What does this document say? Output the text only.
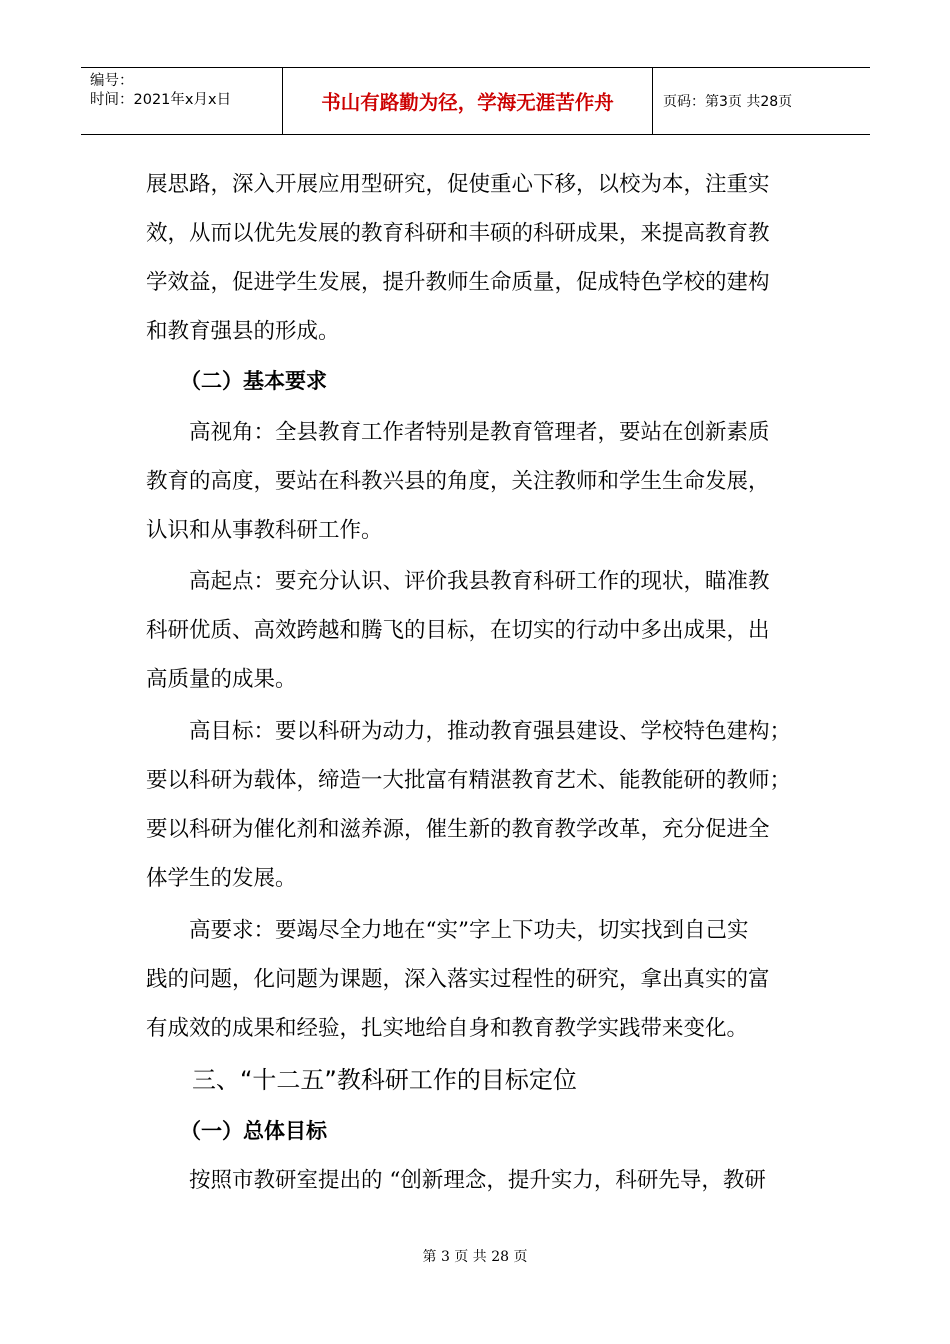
编号：
时间：2021年x月x日	书山有路勤为径，学海无涯苦作舟	页码：第3页 共28页
展思路，深入开展应用型研究，促使重心下移，以校为本，注重实
效，从而以优先发展的教育科研和丰硕的科研成果，来提高教育教
学效益，促进学生发展，提升教师生命质量，促成特色学校的建构
和教育强县的形成。
（二）基本要求
高视角：全县教育工作者特别是教育管理者，要站在创新素质
教育的高度，要站在科教兴县的角度，关注教师和学生生命发展，
认识和从事教科研工作。
高起点：要充分认识、评价我县教育科研工作的现状，瞄准教
科研优质、高效跨越和腾飞的目标，在切实的行动中多出成果，出
高质量的成果。
高目标：要以科研为动力，推动教育强县建设、学校特色建构；
要以科研为载体，缔造一大批富有精湛教育艺术、能教能研的教师；
要以科研为催化剂和滋养源，催生新的教育教学改革，充分促进全
体学生的发展。
高要求：要竭尽全力地在“实”字上下功夫，切实找到自己实
践的问题，化问题为课题，深入落实过程性的研究，拿出真实的富
有成效的成果和经验，扎实地给自身和教育教学实践带来变化。
三、“十二五”教科研工作的目标定位
（一）总体目标
按照市教研室提出的 “创新理念，提升实力，科研先导，教研
第 3 页 共 28 页
